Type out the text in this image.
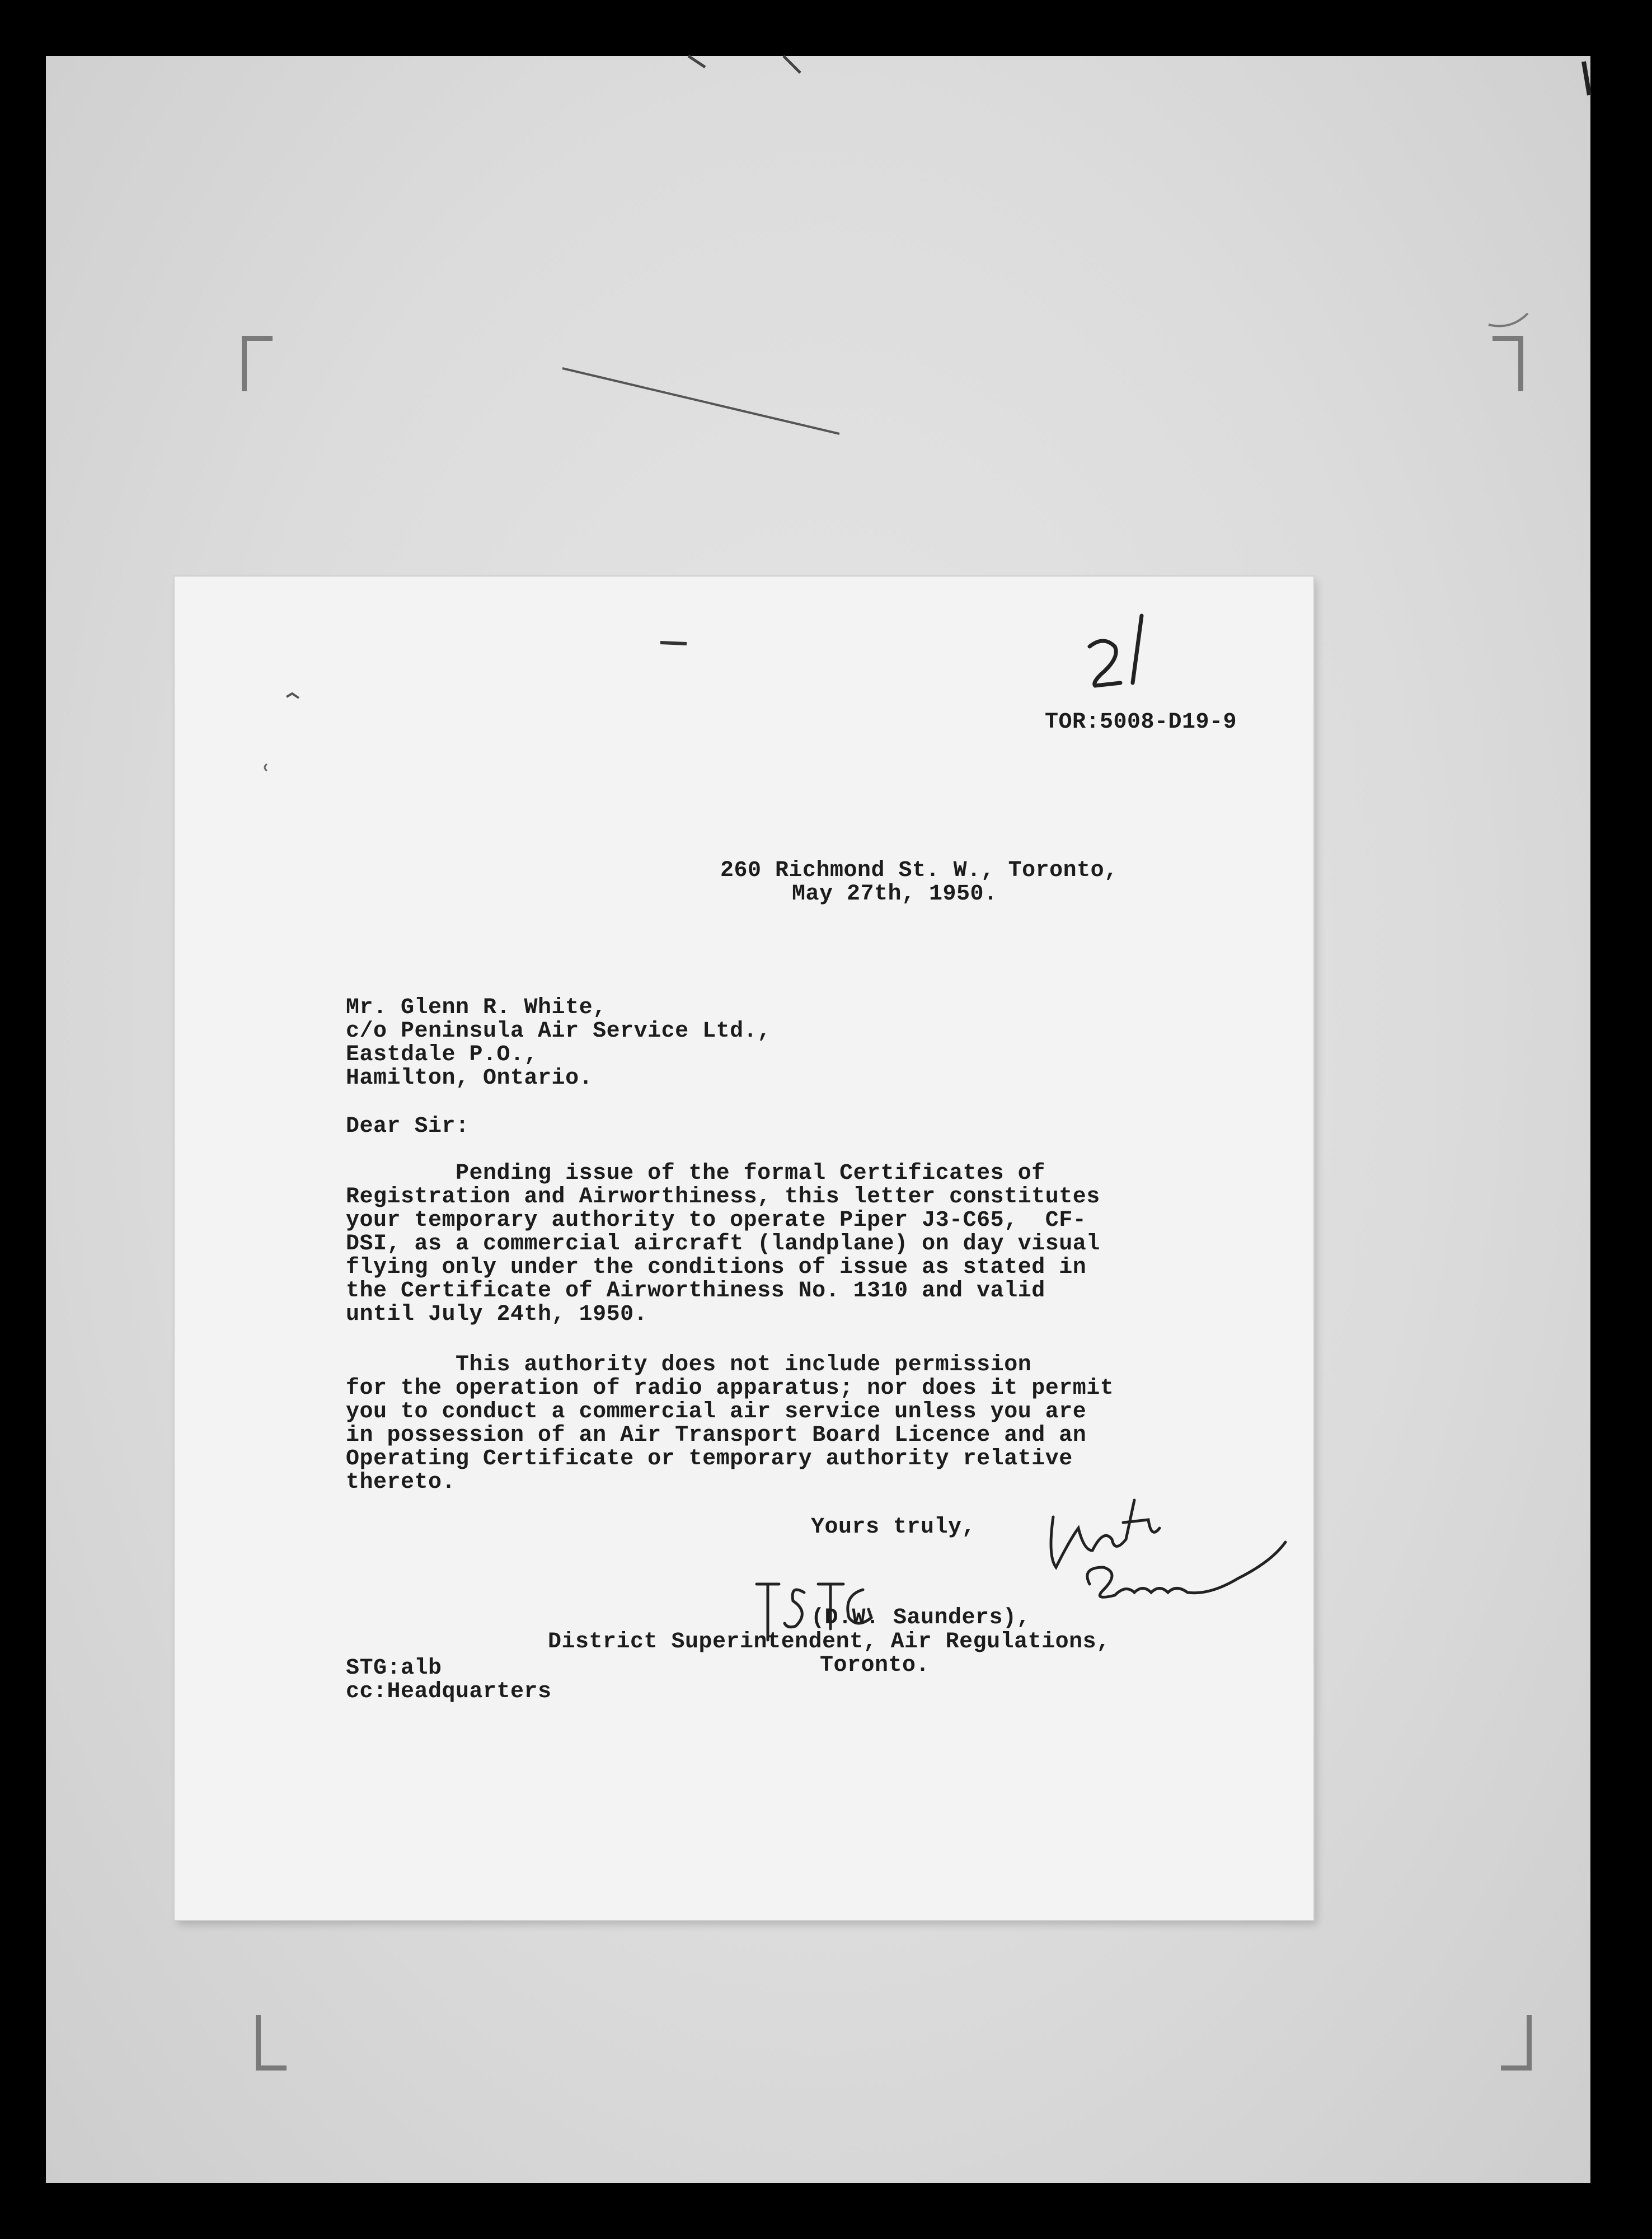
TOR:5008-D19-9
260 Richmond St. W., Toronto,
May 27th, 1950.
Mr. Glenn R. White,
c/o Peninsula Air Service Ltd.,
Eastdale P.O.,
Hamilton, Ontario.
Dear Sir:
Pending issue of the formal Certificates of
Registration and Airworthiness, this letter constitutes
your temporary authority to operate Piper J3-C65,  CF-
DSI, as a commercial aircraft (landplane) on day visual
flying only under the conditions of issue as stated in
the Certificate of Airworthiness No. 1310 and valid
until July 24th, 1950.
This authority does not include permission
for the operation of radio apparatus; nor does it permit
you to conduct a commercial air service unless you are
in possession of an Air Transport Board Licence and an
Operating Certificate or temporary authority relative
thereto.
Yours truly,
(D.W. Saunders),
District Superintendent, Air Regulations,
Toronto.
STG:alb
cc:Headquarters
